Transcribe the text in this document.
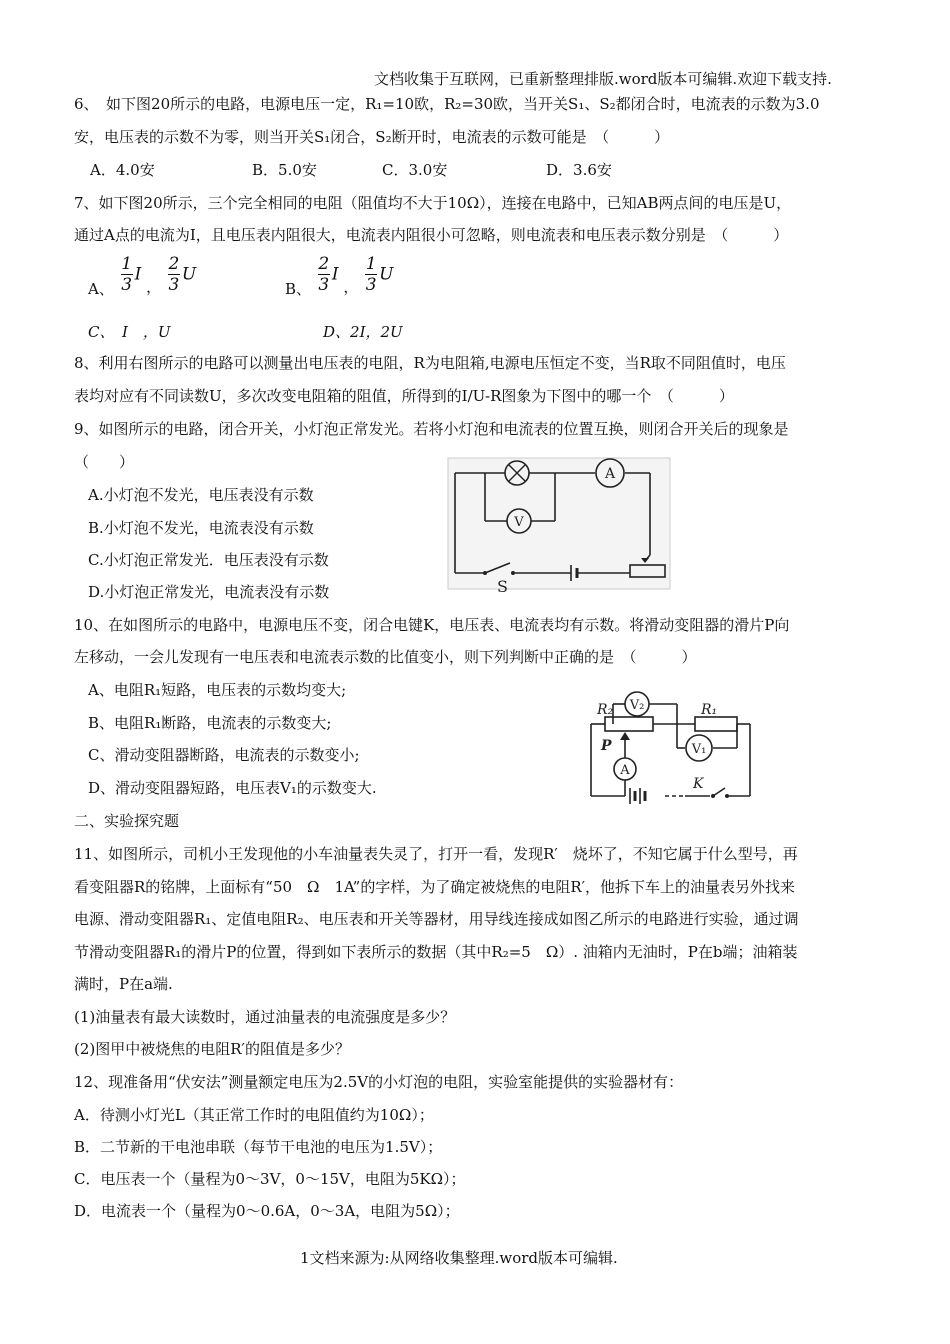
文档收集于互联网，已重新整理排版.word版本可编辑.欢迎下载支持.
6、　如下图20所示的电路，电源电压一定，R₁=10欧，R₂=30欧，当开关S₁、S₂都闭合时，电流表的示数为3.0
安，电压表的示数不为零，则当开关S₁闭合，S₂断开时，电流表的示数可能是　（　　　）
A．4.0安	B．5.0安	C．3.0安	D．3.6安
7、如下图20所示，三个完全相同的电阻（阻值均不大于10Ω），连接在电路中，已知AB两点间的电压是U，
通过A点的电流为I，且电压表内阻很大，电流表内阻很小可忽略，则电流表和电压表示数分别是　（　　　）
A、 $\frac{1}{3}$ I ， $\frac{2}{3}$ U
B、 $\frac{2}{3}$ I ， $\frac{1}{3}$ U
C、　I　，U	D、2I，2U
8、利用右图所示的电路可以测量出电压表的电阻，R为电阻箱,电源电压恒定不变，当R取不同阻值时，电压
表均对应有不同读数U，多次改变电阻箱的阻值，所得到的I/U-R图象为下图中的哪一个　（　　　）
9、如图所示的电路，闭合开关，小灯泡正常发光。若将小灯泡和电流表的位置互换，则闭合开关后的现象是
（　　）
A.小灯泡不发光，电压表没有示数
B.小灯泡不发光，电流表没有示数
C.小灯泡正常发光．电压表没有示数
D.小灯泡正常发光，电流表没有示数
A
V
S
10、在如图所示的电路中，电源电压不变，闭合电键K，电压表、电流表均有示数。将滑动变阻器的滑片P向
左移动，一会儿发现有一电压表和电流表示数的比值变小，则下列判断中正确的是　（　　　）
A、电阻R₁短路，电压表的示数均变大;
B、电阻R₁断路，电流表的示数变大;
C、滑动变阻器断路，电流表的示数变小;
D、滑动变阻器短路，电压表V₁的示数变大.
V₂
V₁
A
R₂	R₁
P
K
二、实验探究题
11、如图所示，司机小王发现他的小车油量表失灵了，打开一看，发现R′　烧坏了，不知它属于什么型号，再
看变阻器R的铭牌，上面标有“50　Ω　1A”的字样，为了确定被烧焦的电阻R′，他拆下车上的油量表另外找来
电源、滑动变阻器R₁、定值电阻R₂、电压表和开关等器材，用导线连接成如图乙所示的电路进行实验，通过调
节滑动变阻器R₁的滑片P的位置，得到如下表所示的数据（其中R₂=5　Ω）. 油箱内无油时，P在b端；油箱装
满时，P在a端.
(1)油量表有最大读数时，通过油量表的电流强度是多少？
(2)图甲中被烧焦的电阻R′的阻值是多少？
12、现准备用“伏安法”测量额定电压为2.5V的小灯泡的电阻，实验室能提供的实验器材有：
A．待测小灯光L（其正常工作时的电阻值约为10Ω）；
B．二节新的干电池串联（每节干电池的电压为1.5V）；
C．电压表一个（量程为0～3V，0～15V，电阻为5KΩ）；
D．电流表一个（量程为0～0.6A，0～3A，电阻为5Ω）；
1文档来源为:从网络收集整理.word版本可编辑.
